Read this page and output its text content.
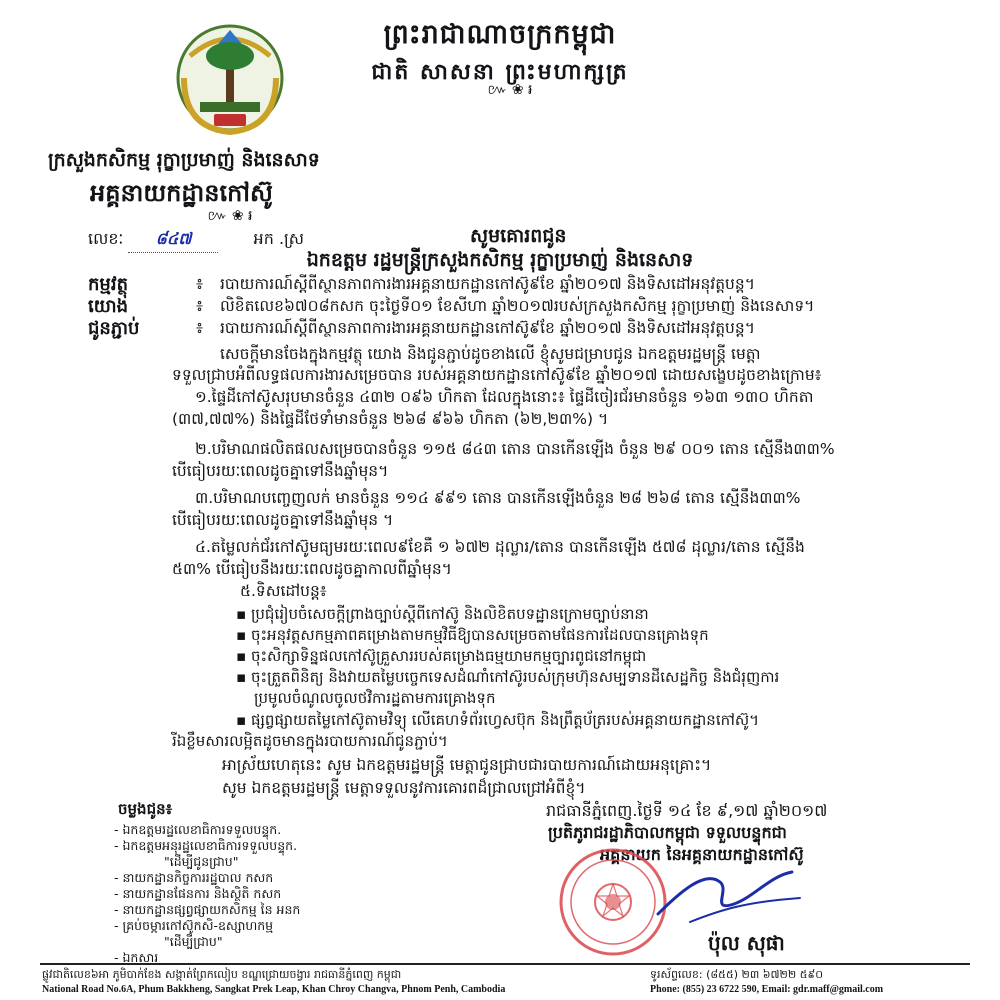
ព្រះរាជាណាចក្រកម្ពុជា
ជាតិ សាសនា ព្រះមហាក្សត្រ
៚ ❀ ៛
ក្រសួងកសិកម្ម រុក្ខាប្រមាញ់ និងនេសាទ
អគ្គនាយកដ្ឋានកៅស៊ូ
៚ ❀ ៛
លេខៈ ៨៤៧	អក .ស្រ	សូមគោរពជូន
ឯកឧត្តម រដ្ឋមន្ត្រីក្រសួងកសិកម្ម រុក្ខាប្រមាញ់ និងនេសាទ
កម្មវត្ថុ	៖ របាយការណ៍ស្តីពីស្ថានភាពការងារអគ្គនាយកដ្ឋានកៅស៊ូ៩ខែ ឆ្នាំ២០១៧ និងទិសដៅអនុវត្តបន្ត។
យោង	៖ លិខិតលេខ៦៧០៨កសក ចុះថ្ងៃទី០១ ខែសីហា ឆ្នាំ២០១៧របស់ក្រសួងកសិកម្ម រុក្ខាប្រមាញ់ និងនេសាទ។
ជូនភ្ជាប់	៖ របាយការណ៍ស្តីពីស្ថានភាពការងារអគ្គនាយកដ្ឋានកៅស៊ូ៩ខែ ឆ្នាំ២០១៧ និងទិសដៅអនុវត្តបន្ត។
សេចក្តីមានចែងក្នុងកម្មវត្ថុ យោង និងជូនភ្ជាប់ដូចខាងលើ ខ្ញុំសូមជម្រាបជូន ឯកឧត្តមរដ្ឋមន្ត្រី មេត្តា
ទទួលជ្រាបអំពីលទ្ធផលការងារសម្រេចបាន របស់អគ្គនាយកដ្ឋានកៅស៊ូ៩ខែ ឆ្នាំ២០១៧ ដោយសង្ខេបដូចខាងក្រោម៖
១.ផ្ទៃដីកៅស៊ូសរុបមានចំនួន ៤៣២ ០៩៦ ហិកតា ដែលក្នុងនោះ៖ ផ្ទៃដីចៀរជ័រមានចំនួន ១៦៣ ១៣០ ហិកតា
(៣៧,៧៧%) និងផ្ទៃដីថែទាំមានចំនួន ២៦៨ ៩៦៦ ហិកតា (៦២,២៣%) ។
២.បរិមាណផលិតផលសម្រេចបានចំនួន ១១៥ ៨៤៣ តោន បានកើនឡើង ចំនួន ២៩ ០០១ តោន ស្មើនឹង៣៣%
បើធៀបរយៈពេលដូចគ្នាទៅនឹងឆ្នាំមុន។
៣.បរិមាណបញ្ចេញលក់ មានចំនួន ១១៤ ៩៩១ តោន បានកើនឡើងចំនួន ២៨ ២៦៨ តោន ស្មើនឹង៣៣%
បើធៀបរយៈពេលដូចគ្នាទៅនឹងឆ្នាំមុន ។
៤.តម្លៃលក់ជ័រកៅស៊ូមធ្យមរយៈពេល៩ខែគឺ ១ ៦៧២ ដុល្លារ/តោន បានកើនឡើង ៥៧៨ ដុល្លារ/តោន ស្មើនឹង
៥៣% បើធៀបនឹងរយៈពេលដូចគ្នាកាលពីឆ្នាំមុន។
៥.ទិសដៅបន្ត៖
▪ ប្រជុំរៀបចំសេចក្តីព្រាងច្បាប់ស្តីពីកៅស៊ូ និងលិខិតបទដ្ឋានក្រោមច្បាប់នានា
▪ ចុះអនុវត្តសកម្មភាពគម្រោងតាមកម្មវិធីឱ្យបានសម្រេចតាមផែនការដែលបានគ្រោងទុក
▪ ចុះសិក្សាទិន្នផលកៅស៊ូគ្រួសាររបស់គម្រោងធម្មយាមកម្មច្បារពូជនៅកម្ពុជា
▪ ចុះត្រួតពិនិត្យ និងវាយតម្លៃបច្ចេកទេសដំណាំកៅស៊ូរបស់ក្រុមហ៊ុនសម្បទានដីសេដ្ឋកិច្ច និងជំរុញការ
ប្រមូលចំណូលចូលថវិការដ្ឋតាមការគ្រោងទុក
▪ ផ្សព្វផ្សាយតម្លៃកៅស៊ូតាមវិទ្យុ លើគេហទំព័រហ្វេសប៊ុក និងព្រឹត្តប័ត្ររបស់អគ្គនាយកដ្ឋានកៅស៊ូ។
រីឯខ្លឹមសារលម្អិតដូចមានក្នុងរបាយការណ៍ជូនភ្ជាប់។
អាស្រ័យហេតុនេះ សូម ឯកឧត្តមរដ្ឋមន្ត្រី មេត្តាជូនជ្រាបជារបាយការណ៍ដោយអនុគ្រោះ។
សូម ឯកឧត្តមរដ្ឋមន្ត្រី មេត្តាទទួលនូវការគោរពដ៏ជ្រាលជ្រៅអំពីខ្ញុំ។
ចម្លងជូន៖
- ឯកឧត្តមរដ្ឋលេខាធិការទទួលបន្ទុក.
- ឯកឧត្តមអនុរដ្ឋលេខាធិការទទួលបន្ទុក.
"ដើម្បីជូនជ្រាប"
- នាយកដ្ឋានកិច្ចការរដ្ឋបាល កសក
- នាយកដ្ឋានផែនការ និងស្ថិតិ កសក
- នាយកដ្ឋានផ្សព្វផ្សាយកសិកម្ម នៃ អនក
- គ្រប់ចម្ការកៅស៊ូកសិ-ឧស្សាហកម្ម
"ដើម្បីជ្រាប"
- ឯកសារ
រាជធានីភ្នំពេញ.ថ្ងៃទី ១៤ ខែ ៩,១៧ ឆ្នាំ២០១៧
ប្រតិភូរាជរដ្ឋាភិបាលកម្ពុជា ទទួលបន្ទុកជា
អគ្គនាយក នៃអគ្គនាយកដ្ឋានកៅស៊ូ
ប៉ុល សុផា
ផ្លូវជាតិលេខ៦អា ភូមិបាក់ខែង សង្កាត់ព្រែកលៀប ខណ្ឌជ្រោយចង្វារ រាជធានីភ្នំពេញ កម្ពុជា
National Road No.6A, Phum Bakkheng, Sangkat Prek Leap, Khan Chroy Changva, Phnom Penh, Cambodia
ទូរស័ព្ទលេខ: (៨៥៥) ២៣ ៦៧២២ ៥៩០
Phone: (855) 23 6722 590, Email: gdr.maff@gmail.com
